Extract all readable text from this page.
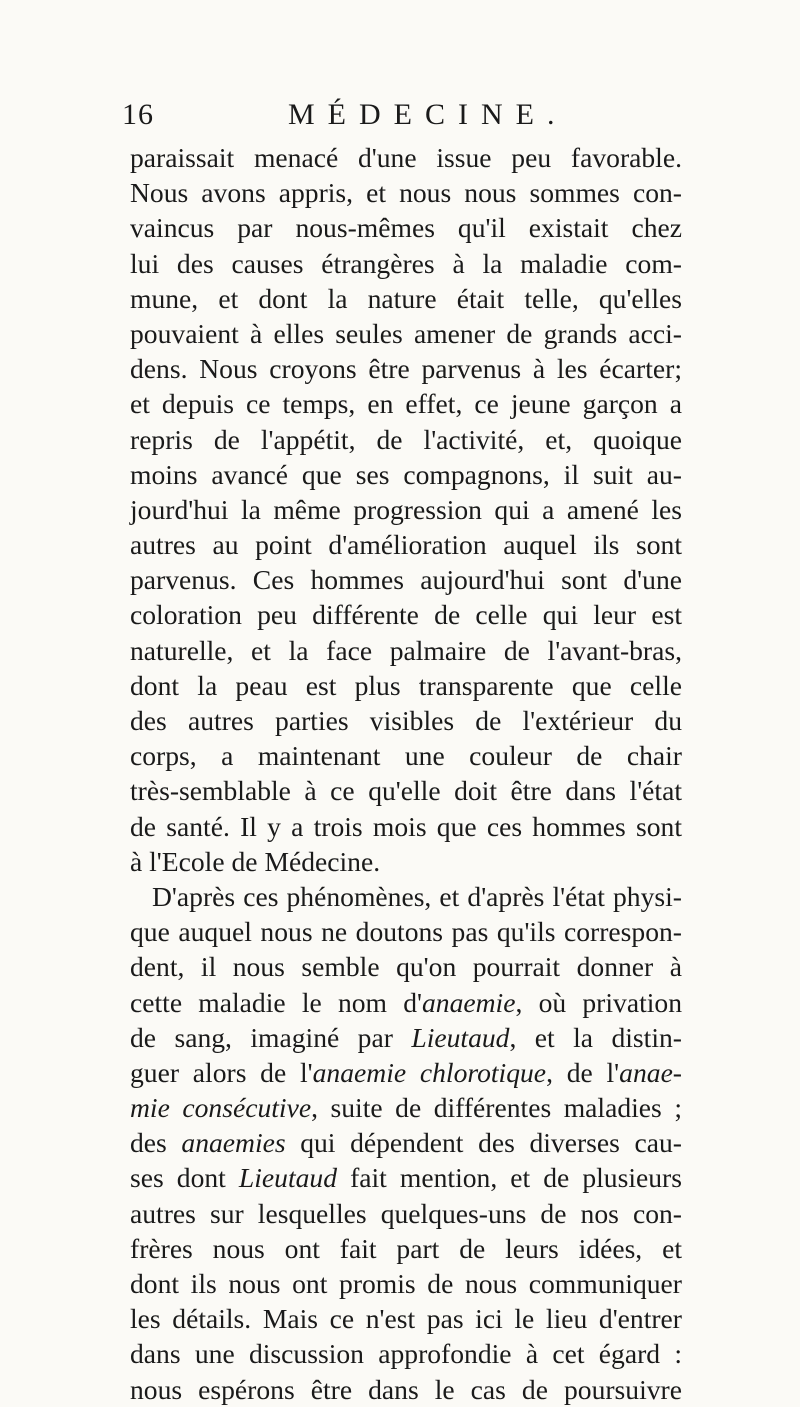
16	MÉDECINE.
paraissait menacé d'une issue peu favorable.
Nous avons appris, et nous nous sommes con-
vaincus par nous-mêmes qu'il existait chez
lui des causes étrangères à la maladie com-
mune, et dont la nature était telle, qu'elles
pouvaient à elles seules amener de grands acci-
dens. Nous croyons être parvenus à les écarter;
et depuis ce temps, en effet, ce jeune garçon a
repris de l'appétit, de l'activité, et, quoique
moins avancé que ses compagnons, il suit au-
jourd'hui la même progression qui a amené les
autres au point d'amélioration auquel ils sont
parvenus. Ces hommes aujourd'hui sont d'une
coloration peu différente de celle qui leur est
naturelle, et la face palmaire de l'avant-bras,
dont la peau est plus transparente que celle
des autres parties visibles de l'extérieur du
corps, a maintenant une couleur de chair
très-semblable à ce qu'elle doit être dans l'état
de santé. Il y a trois mois que ces hommes sont
à l'Ecole de Médecine.
D'après ces phénomènes, et d'après l'état physi-
que auquel nous ne doutons pas qu'ils correspon-
dent, il nous semble qu'on pourrait donner à
cette maladie le nom d'anaemie, où privation
de sang, imaginé par Lieutaud, et la distin-
guer alors de l'anaemie chlorotique, de l'anae-
mie consécutive, suite de différentes maladies ;
des anaemies qui dépendent des diverses cau-
ses dont Lieutaud fait mention, et de plusieurs
autres sur lesquelles quelques-uns de nos con-
frères nous ont fait part de leurs idées, et
dont ils nous ont promis de nous communiquer
les détails. Mais ce n'est pas ici le lieu d'entrer
dans une discussion approfondie à cet égard :
nous espérons être dans le cas de poursuivre
